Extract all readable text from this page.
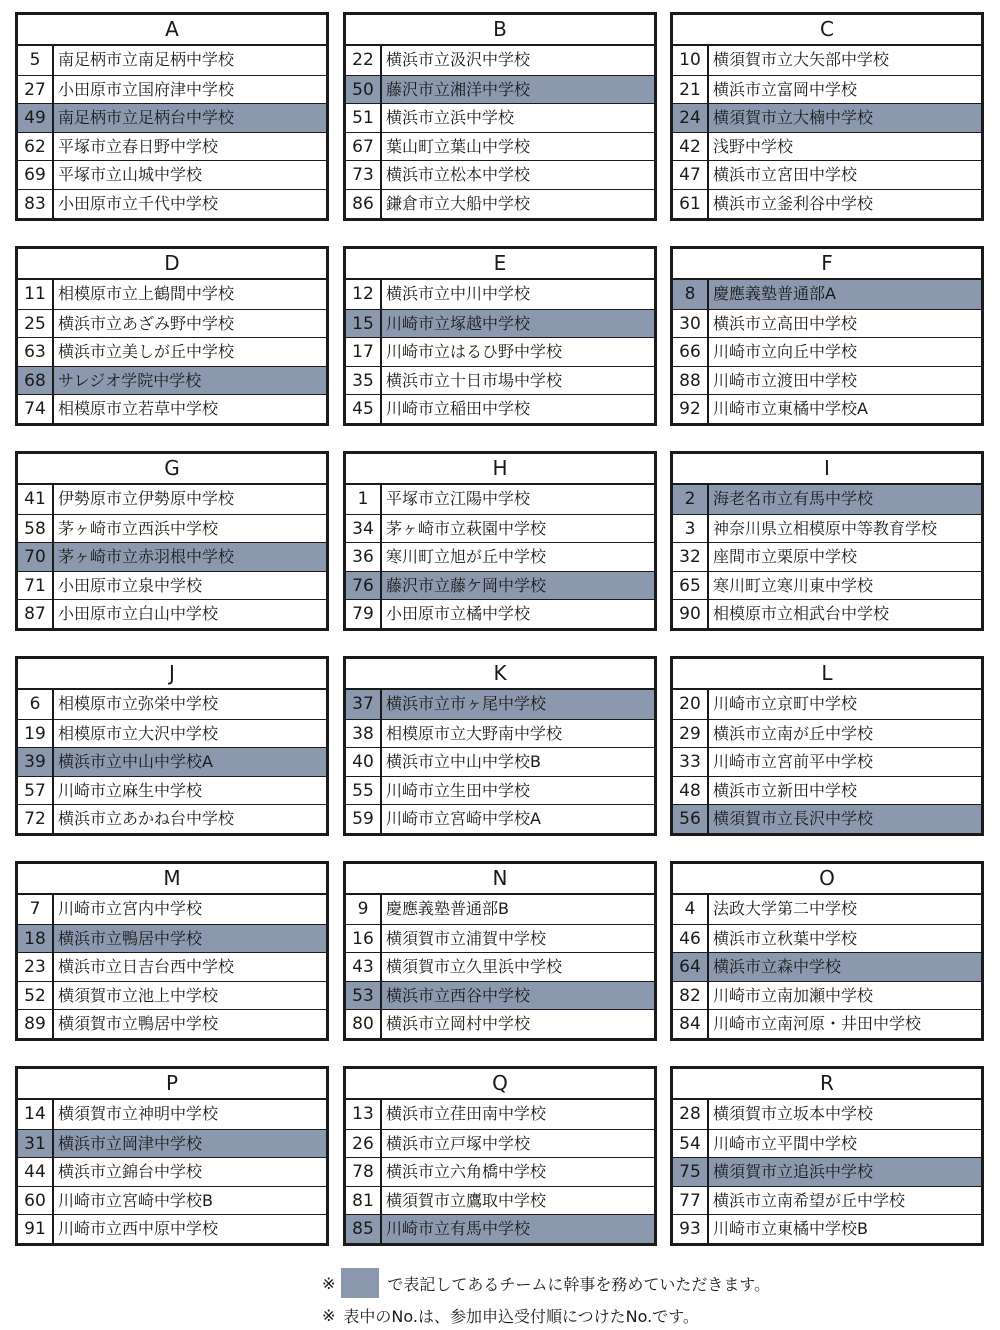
A
5	南足柄市立南足柄中学校
27 小田原市立国府津中学校
49 南足柄市立足柄台中学校
62 平塚市立春日野中学校
69 平塚市立山城中学校
83 小田原市立千代中学校
B
22 横浜市立汲沢中学校
50 藤沢市立湘洋中学校
51 横浜市立浜中学校
67 葉山町立葉山中学校
73 横浜市立松本中学校
86 鎌倉市立大船中学校
C
10 横須賀市立大矢部中学校
21 横浜市立富岡中学校
24 横須賀市立大楠中学校
42 浅野中学校
47 横浜市立宮田中学校
61 横浜市立釜利谷中学校
D
11 相模原市立上鶴間中学校
25 横浜市立あざみ野中学校
63 横浜市立美しが丘中学校
68 サレジオ学院中学校
74 相模原市立若草中学校
E
12 横浜市立中川中学校
15 川崎市立塚越中学校
17 川崎市立はるひ野中学校
35 横浜市立十日市場中学校
45 川崎市立稲田中学校
F
8	慶應義塾普通部A
30 横浜市立高田中学校
66 川崎市立向丘中学校
88 川崎市立渡田中学校
92 川崎市立東橘中学校A
G
41 伊勢原市立伊勢原中学校
58 茅ヶ崎市立西浜中学校
70 茅ヶ崎市立赤羽根中学校
71 小田原市立泉中学校
87 小田原市立白山中学校
H
1	平塚市立江陽中学校
34 茅ヶ崎市立萩園中学校
36 寒川町立旭が丘中学校
76 藤沢市立藤ケ岡中学校
79 小田原市立橘中学校
I
2	海老名市立有馬中学校
3	神奈川県立相模原中等教育学校
32 座間市立栗原中学校
65 寒川町立寒川東中学校
90 相模原市立相武台中学校
J
6	相模原市立弥栄中学校
19 相模原市立大沢中学校
39 横浜市立中山中学校A
57 川崎市立麻生中学校
72 横浜市立あかね台中学校
K
37 横浜市立市ヶ尾中学校
38 相模原市立大野南中学校
40 横浜市立中山中学校B
55 川崎市立生田中学校
59 川崎市立宮崎中学校A
L
20 川崎市立京町中学校
29 横浜市立南が丘中学校
33 川崎市立宮前平中学校
48 横浜市立新田中学校
56 横須賀市立長沢中学校
M
7	川崎市立宮内中学校
18 横浜市立鴨居中学校
23 横浜市立日吉台西中学校
52 横須賀市立池上中学校
89 横須賀市立鴨居中学校
N
9	慶應義塾普通部B
16 横須賀市立浦賀中学校
43 横須賀市立久里浜中学校
53 横浜市立西谷中学校
80 横浜市立岡村中学校
O
4	法政大学第二中学校
46 横浜市立秋葉中学校
64 横浜市立森中学校
82 川崎市立南加瀬中学校
84 川崎市立南河原・井田中学校
P
14 横須賀市立神明中学校
31 横浜市立岡津中学校
44 横浜市立錦台中学校
60 川崎市立宮崎中学校B
91 川崎市立西中原中学校
Q
13 横浜市立荏田南中学校
26 横浜市立戸塚中学校
78 横浜市立六角橋中学校
81 横須賀市立鷹取中学校
85 川崎市立有馬中学校
R
28 横須賀市立坂本中学校
54 川崎市立平間中学校
75 横須賀市立追浜中学校
77 横浜市立南希望が丘中学校
93 川崎市立東橘中学校B
※	で表記してあるチームに幹事を務めていただきます。
※ 表中のNo.は、参加申込受付順につけたNo.です。
